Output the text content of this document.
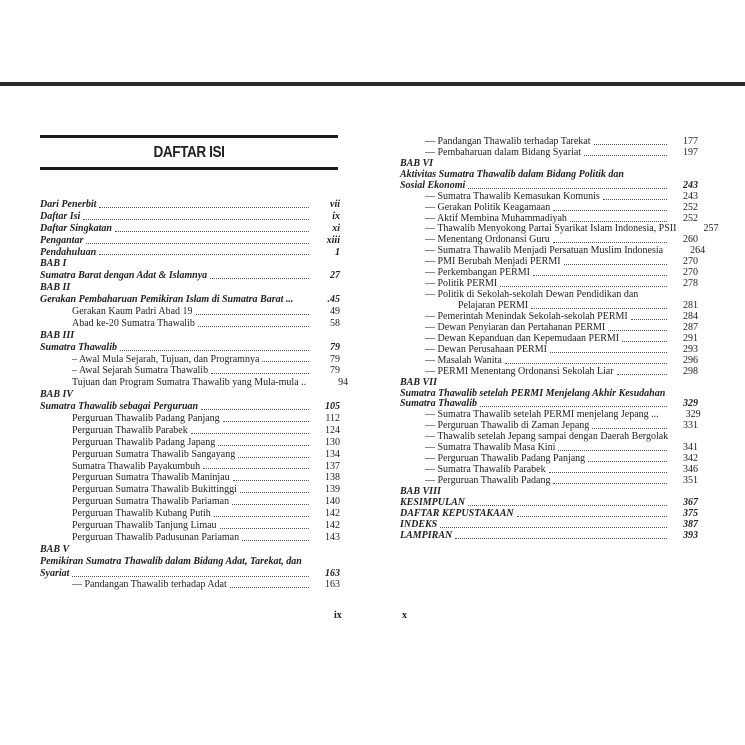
DAFTAR ISI
Dari Penerbit	vii
Daftar Isi	ix
Daftar Singkatan	xi
Pengantar	xiii
Pendahuluan	1
BAB I
Sumatra Barat dengan Adat & Islamnya	27
BAB II
Gerakan Pembaharuan Pemikiran Islam di Sumatra Barat ...	.45
Gerakan Kaum Padri Abad 19	49
Abad ke-20 Sumatra Thawalib	58
BAB III
Sumatra Thawalib	79
– Awal Mula Sejarah, Tujuan, dan Programnya	79
– Awal Sejarah Sumatra Thawalib	79
Tujuan dan Program Sumatra Thawalib yang Mula-mula ..	94
BAB IV
Sumatra Thawalib sebagai Perguruan	105
Perguruan Thawalib Padang Panjang	112
Perguruan Thawalib Parabek	124
Perguruan Thawalib Padang Japang	130
Perguruan Sumatra Thawalib Sangayang	134
Sumatra Thawalib Payakumbuh	137
Perguruan Sumatra Thawalib Maninjau	138
Perguruan Sumatra Thawalib Bukittinggi	139
Perguruan Sumatra Thawalib Pariaman	140
Perguruan Thawalib Kubang Putih	142
Perguruan Thawalib Tanjung Limau	142
Perguruan Thawalib Padusunan Pariaman	143
BAB V
Pemikiran Sumatra Thawalib dalam Bidang Adat, Tarekat, dan
Syariat	163
— Pandangan Thawalib terhadap Adat	163
— Pandangan Thawalib terhadap Tarekat	177
— Pembaharuan dalam Bidang Syariat	197
BAB VI
Aktivitas Sumatra Thawalib dalam Bidang Politik dan
Sosial Ekonomi	243
— Sumatra Thawalib Kemasukan Komunis	243
— Gerakan Politik Keagamaan	252
— Aktif Membina Muhammadiyah	252
— Thawalib Menyokong Partai Syarikat Islam Indonesia, PSII	257
— Menentang Ordonansi Guru	260
— Sumatra Thawalib Menjadi Persatuan Muslim Indonesia	264
— PMI Berubah Menjadi PERMI	270
— Perkembangan PERMI	270
— Politik PERMI	278
— Politik di Sekolah-sekolah Dewan Pendidikan dan
Pelajaran PERMI	281
— Pemerintah Menindak Sekolah-sekolah PERMI	284
— Dewan Penyiaran dan Pertahanan PERMI	287
— Dewan Kepanduan dan Kepemudaan PERMI	291
— Dewan Perusahaan PERMI	293
— Masalah Wanita	296
— PERMI Menentang Ordonansi Sekolah Liar	298
BAB VII
Sumatra Thawalib setelah PERMI Menjelang Akhir Kesudahan
Sumatra Thawalib	329
— Sumatra Thawalib setelah PERMI menjelang Jepang ...	329
— Perguruan Thawalib di Zaman Jepang	331
— Thawalib setelah Jepang sampai dengan Daerah Bergolak
— Sumatra Thawalib Masa Kini	341
— Perguruan Thawalib Padang Panjang	342
— Sumatra Thawalib Parabek	346
— Perguruan Thawalib Padang	351
BAB VIII
KESIMPULAN	367
DAFTAR KEPUSTAKAAN	375
INDEKS	387
LAMPIRAN	393
ix	x
